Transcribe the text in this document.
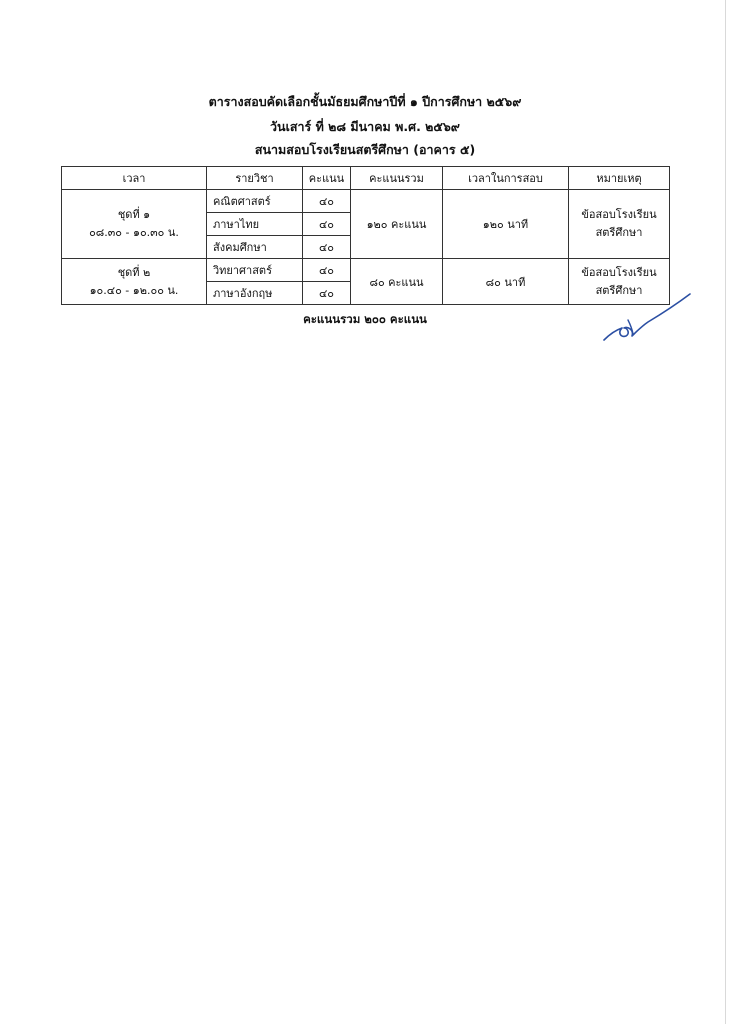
ตารางสอบคัดเลือกชั้นมัธยมศึกษาปีที่ ๑ ปีการศึกษา ๒๕๖๙
วันเสาร์ ที่ ๒๘ มีนาคม พ.ศ. ๒๕๖๙
สนามสอบโรงเรียนสตรีศึกษา (อาคาร ๕)
เวลา	รายวิชา	คะแนน	คะแนนรวม	เวลาในการสอบ	หมายเหตุ

ชุดที่ ๑
๐๘.๓๐ - ๑๐.๓๐ น.	คณิตศาสตร์	๔๐	๑๒๐ คะแนน	๑๒๐ นาที	ข้อสอบโรงเรียน
สตรีศึกษา

	ภาษาไทย	๔๐			
	สังคมศึกษา	๔๐			

ชุดที่ ๒
๑๐.๔๐ - ๑๒.๐๐ น.	วิทยาศาสตร์	๔๐	๘๐ คะแนน	๘๐ นาที	ข้อสอบโรงเรียน
สตรีศึกษา

	ภาษาอังกฤษ	๔๐			
คะแนนรวม ๒๐๐ คะแนน
